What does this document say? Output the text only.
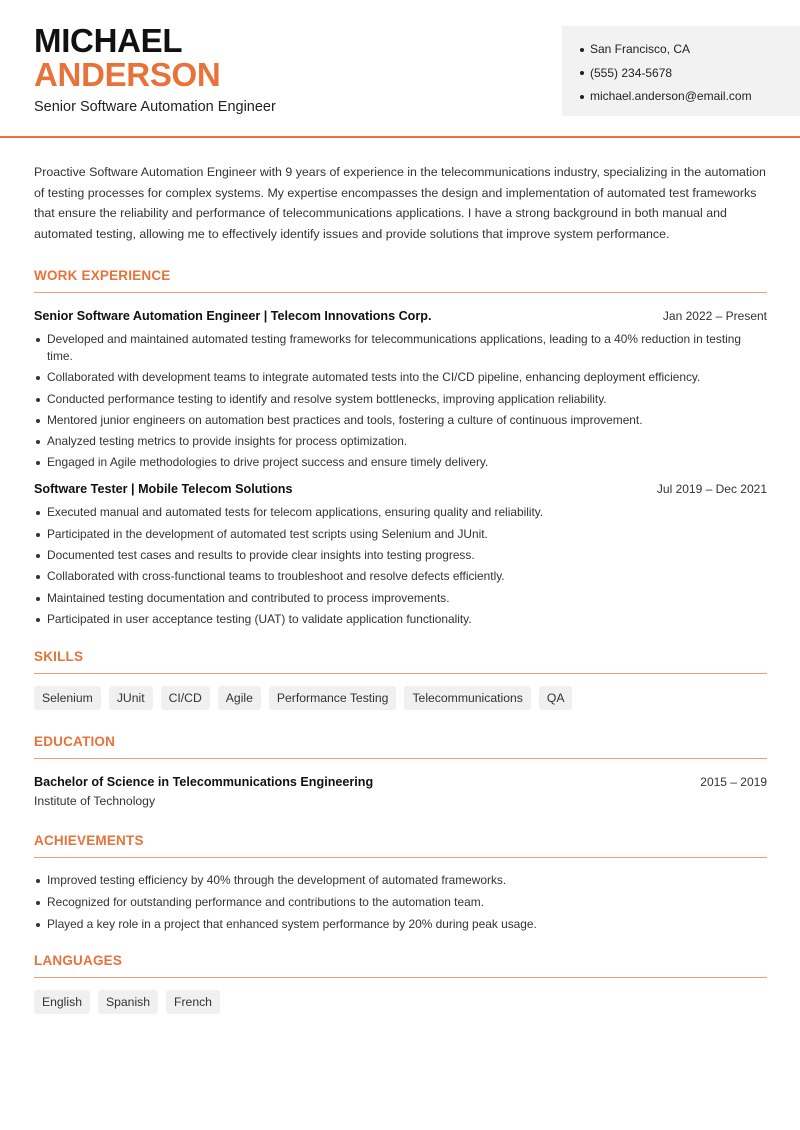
MICHAEL
ANDERSON
Senior Software Automation Engineer
San Francisco, CA
(555) 234-5678
michael.anderson@email.com

Proactive Software Automation Engineer with 9 years of experience in the telecommunications industry, specializing in the automation of testing processes for complex systems. My expertise encompasses the design and implementation of automated test frameworks that ensure the reliability and performance of telecommunications applications. I have a strong background in both manual and automated testing, allowing me to effectively identify issues and provide solutions that improve system performance.

WORK EXPERIENCE
Senior Software Automation Engineer | Telecom Innovations Corp.	Jan 2022 – Present
Developed and maintained automated testing frameworks for telecommunications applications, leading to a 40% reduction in testing time.
Collaborated with development teams to integrate automated tests into the CI/CD pipeline, enhancing deployment efficiency.
Conducted performance testing to identify and resolve system bottlenecks, improving application reliability.
Mentored junior engineers on automation best practices and tools, fostering a culture of continuous improvement.
Analyzed testing metrics to provide insights for process optimization.
Engaged in Agile methodologies to drive project success and ensure timely delivery.
Software Tester | Mobile Telecom Solutions	Jul 2019 – Dec 2021
Executed manual and automated tests for telecom applications, ensuring quality and reliability.
Participated in the development of automated test scripts using Selenium and JUnit.
Documented test cases and results to provide clear insights into testing progress.
Collaborated with cross-functional teams to troubleshoot and resolve defects efficiently.
Maintained testing documentation and contributed to process improvements.
Participated in user acceptance testing (UAT) to validate application functionality.
SKILLS
Selenium	JUnit	CI/CD	Agile	Performance Testing	Telecommunications	QA
EDUCATION
Bachelor of Science in Telecommunications Engineering	2015 – 2019
Institute of Technology
ACHIEVEMENTS
Improved testing efficiency by 40% through the development of automated frameworks.
Recognized for outstanding performance and contributions to the automation team.
Played a key role in a project that enhanced system performance by 20% during peak usage.
LANGUAGES
English	Spanish	French
